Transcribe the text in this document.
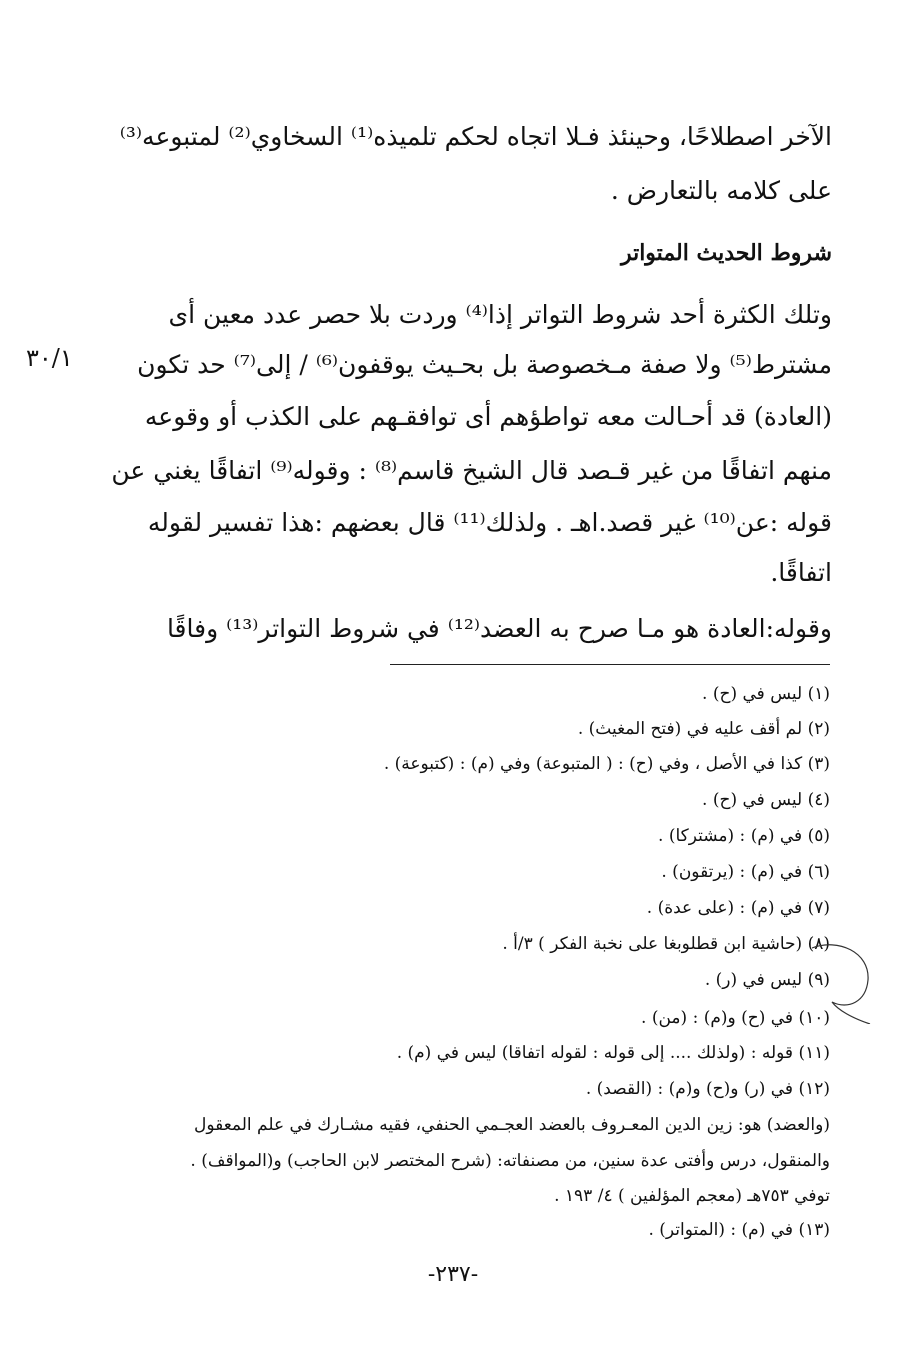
الآخر اصطلاحًا، وحينئذ فـلا اتجاه لحكم تلميذه⁽¹⁾ السخاوي⁽²⁾ لمتبوعه⁽³⁾
على كلامه بالتعارض .
شروط الحديث المتواتر
وتلك الكثرة أحد شروط التواتر إذا⁽⁴⁾ وردت بلا حصر عدد معين أى
٣٠/١	مشترط⁽⁵⁾ ولا صفة مـخصوصة بل بحـيث يوقفون⁽⁶⁾ / إلى⁽⁷⁾ حد تكون
(العادة) قد أحـالت معه تواطؤهم أى توافقـهم على الكذب أو وقوعه
منهم اتفاقًا من غير قـصد قال الشيخ قاسم⁽⁸⁾ : وقوله⁽⁹⁾ اتفاقًا يغني عن
قوله :عن⁽¹⁰⁾ غير قصد.اهـ . ولذلك⁽¹¹⁾ قال بعضهم :هذا تفسير لقوله
اتفاقًا.
وقوله:العادة هو مـا صرح به العضد⁽¹²⁾ في شروط التواتر⁽¹³⁾ وفاقًا
(١) ليس في (ح) .
(٢) لم أقف عليه في (فتح المغيث) .
(٣) كذا في الأصل ، وفي (ح) : ( المتبوعة) وفي (م) : (كتبوعة) .
(٤) ليس في (ح) .
(٥) في (م) : (مشتركا) .
(٦) في (م) : (يرتقون) .
(٧) في (م) : (على عدة) .
(٨) (حاشية ابن قطلوبغا على نخبة الفكر ) ٣/أ .
(٩) ليس في (ر) .
(١٠) في (ح) و(م) : (من) .
(١١) قوله : (ولذلك .... إلى قوله : لقوله اتفاقا) ليس في (م) .
(١٢) في (ر) و(ح) و(م) : (القصد) .
(والعضد) هو: زين الدين المعـروف بالعضد العجـمي الحنفي، فقيه مشـارك في علم المعقول
والمنقول، درس وأفتى عدة سنين، من مصنفاته: (شرح المختصر لابن الحاجب) و(المواقف) .
توفي ٧٥٣هـ (معجم المؤلفين ) ٤/ ١٩٣ .
(١٣) في (م) : (المتواتر) .
-٢٣٧-
